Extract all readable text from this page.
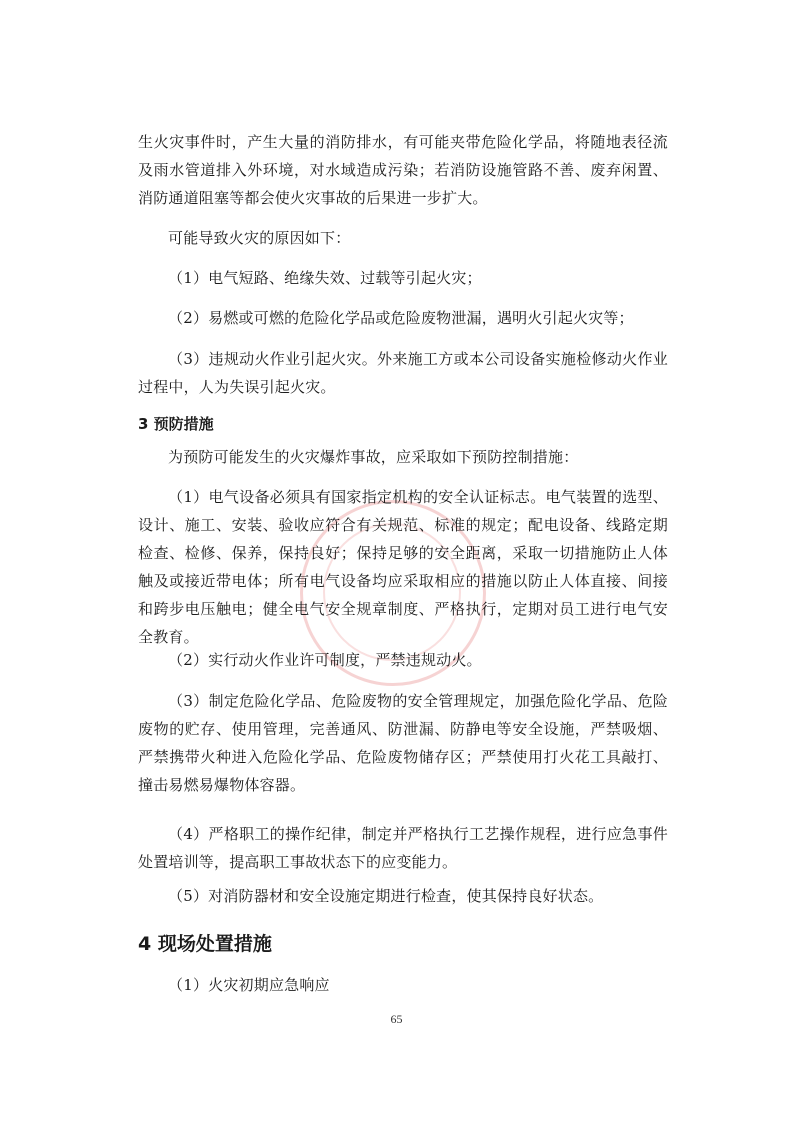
生火灾事件时，产生大量的消防排水，有可能夹带危险化学品，将随地表径流及雨水管道排入外环境，对水域造成污染；若消防设施管路不善、废弃闲置、消防通道阻塞等都会使火灾事故的后果进一步扩大。
可能导致火灾的原因如下：
（1）电气短路、绝缘失效、过载等引起火灾；
（2）易燃或可燃的危险化学品或危险废物泄漏，遇明火引起火灾等；
（3）违规动火作业引起火灾。外来施工方或本公司设备实施检修动火作业过程中，人为失误引起火灾。
3 预防措施
为预防可能发生的火灾爆炸事故，应采取如下预防控制措施：
（1）电气设备必须具有国家指定机构的安全认证标志。电气装置的选型、设计、施工、安装、验收应符合有关规范、标准的规定；配电设备、线路定期检查、检修、保养，保持良好；保持足够的安全距离，采取一切措施防止人体触及或接近带电体；所有电气设备均应采取相应的措施以防止人体直接、间接和跨步电压触电；健全电气安全规章制度、严格执行，定期对员工进行电气安全教育。
（2）实行动火作业许可制度，严禁违规动火。
（3）制定危险化学品、危险废物的安全管理规定，加强危险化学品、危险废物的贮存、使用管理，完善通风、防泄漏、防静电等安全设施，严禁吸烟、严禁携带火种进入危险化学品、危险废物储存区；严禁使用打火花工具敲打、撞击易燃易爆物体容器。
（4）严格职工的操作纪律，制定并严格执行工艺操作规程，进行应急事件处置培训等，提高职工事故状态下的应变能力。
（5）对消防器材和安全设施定期进行检查，使其保持良好状态。
4 现场处置措施
（1）火灾初期应急响应
65
